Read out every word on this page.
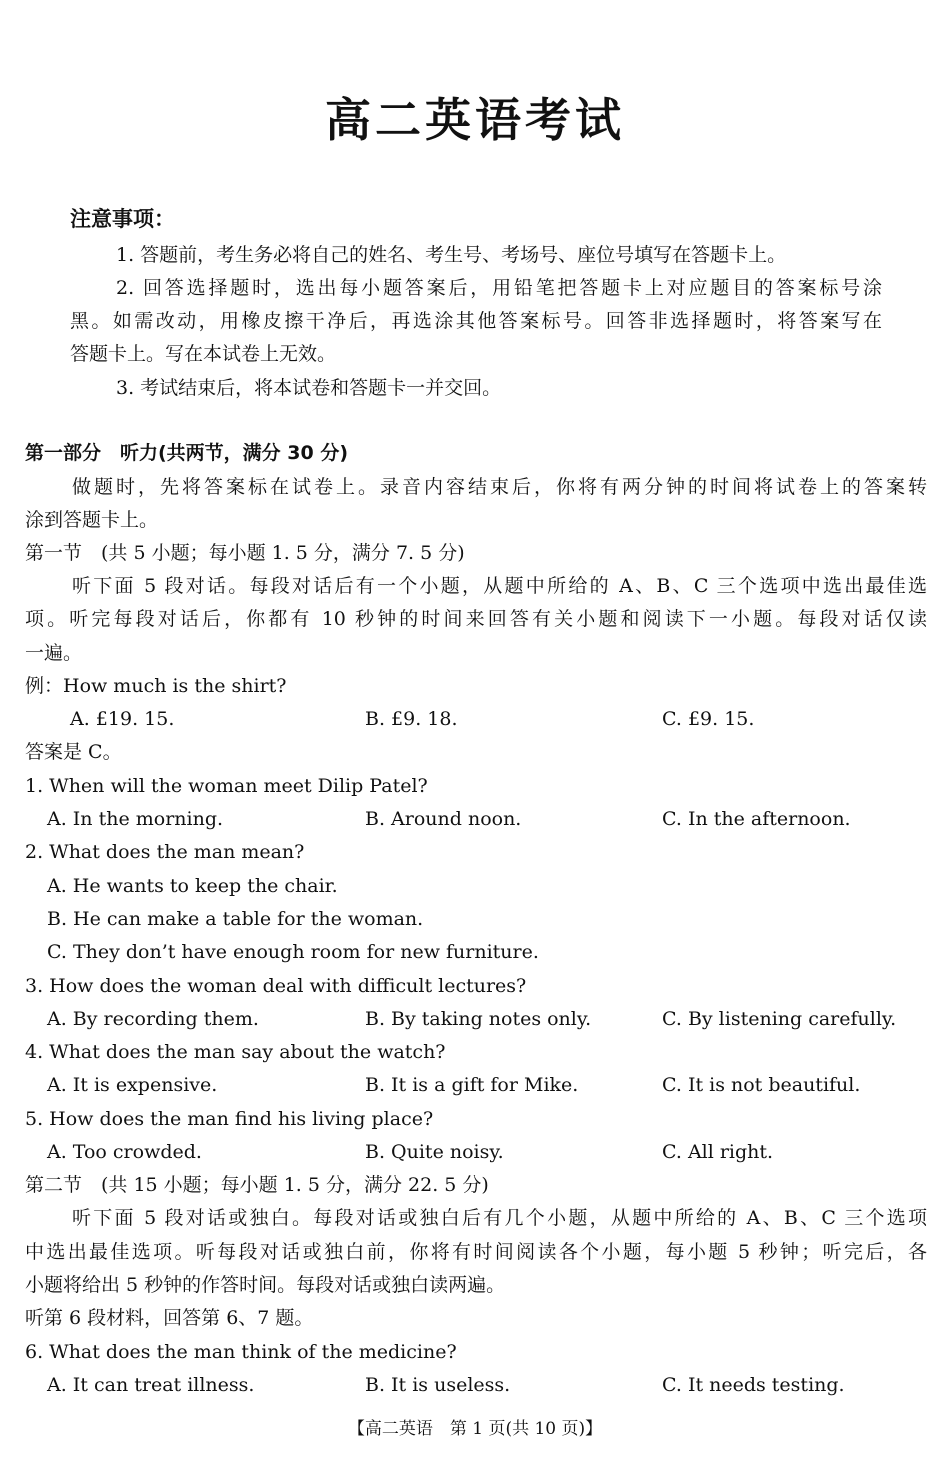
高二英语考试
注意事项：
1. 答题前，考生务必将自己的姓名、考生号、考场号、座位号填写在答题卡上。
2. 回答选择题时，选出每小题答案后，用铅笔把答题卡上对应题目的答案标号涂
黑。如需改动，用橡皮擦干净后，再选涂其他答案标号。回答非选择题时，将答案写在
答题卡上。写在本试卷上无效。
3. 考试结束后，将本试卷和答题卡一并交回。
第一部分　听力(共两节，满分 30 分)
做题时，先将答案标在试卷上。录音内容结束后，你将有两分钟的时间将试卷上的答案转
涂到答题卡上。
第一节　(共 5 小题；每小题 1. 5 分，满分 7. 5 分)
听下面 5 段对话。每段对话后有一个小题，从题中所给的 A、B、C 三个选项中选出最佳选
项。听完每段对话后，你都有 10 秒钟的时间来回答有关小题和阅读下一小题。每段对话仅读
一遍。
例：How much is the shirt?
A. £19. 15.	B. £9. 18.	C. £9. 15.
答案是 C。
1. When will the woman meet Dilip Patel?
A. In the morning.	B. Around noon.	C. In the afternoon.
2. What does the man mean?
A. He wants to keep the chair.
B. He can make a table for the woman.
C. They don’t have enough room for new furniture.
3. How does the woman deal with difficult lectures?
A. By recording them.	B. By taking notes only.	C. By listening carefully.
4. What does the man say about the watch?
A. It is expensive.	B. It is a gift for Mike.	C. It is not beautiful.
5. How does the man find his living place?
A. Too crowded.	B. Quite noisy.	C. All right.
第二节　(共 15 小题；每小题 1. 5 分，满分 22. 5 分)
听下面 5 段对话或独白。每段对话或独白后有几个小题，从题中所给的 A、B、C 三个选项
中选出最佳选项。听每段对话或独白前，你将有时间阅读各个小题，每小题 5 秒钟；听完后，各
小题将给出 5 秒钟的作答时间。每段对话或独白读两遍。
听第 6 段材料，回答第 6、7 题。
6. What does the man think of the medicine?
A. It can treat illness.	B. It is useless.	C. It needs testing.
【高二英语　第 1 页(共 10 页)】
